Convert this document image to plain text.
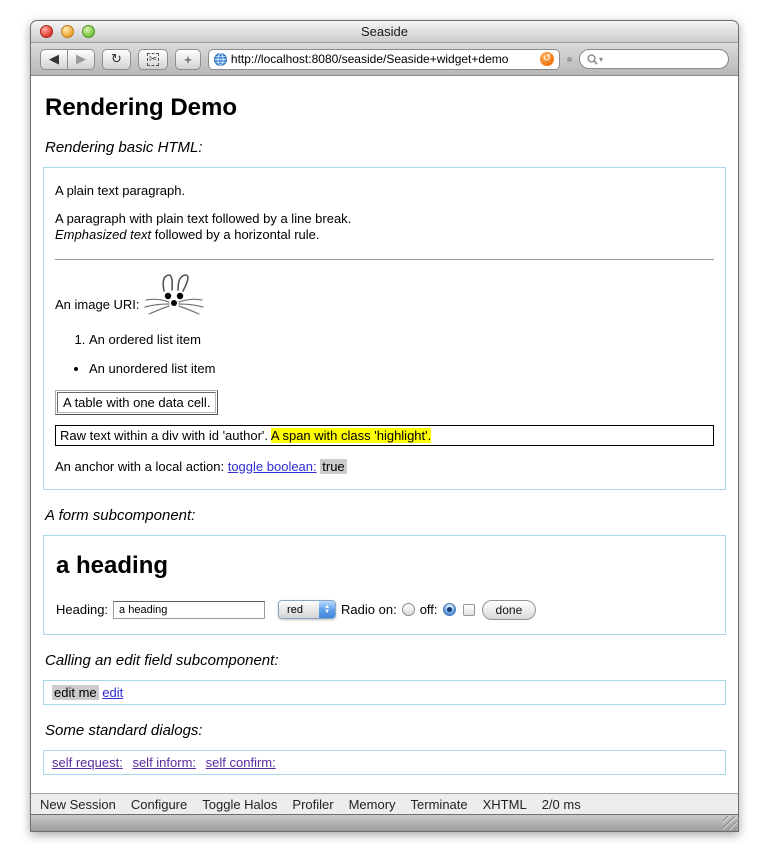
Seaside
◀ ▶ ↻	✂ +
http://localhost:8080/seaside/Seaside+widget+demo	↺	▾
Rendering Demo
Rendering basic HTML:

A plain text paragraph.

A paragraph with plain text followed by a line break.
Emphasized text followed by a horizontal rule.

An image URI:
1. An ordered list item
• An unordered list item
A table with one data cell.
Raw text within a div with id 'author'. A span with class 'highlight'.

An anchor with a local action: toggle boolean: true

A form subcomponent:
a heading
Heading:
a heading	red	▲
▼ Radio on: off:	done
Calling an edit field subcomponent:
edit me edit
Some standard dialogs:
self request: self inform: self confirm:
New Session Configure Toggle Halos Profiler Memory Terminate XHTML 2/0 ms
